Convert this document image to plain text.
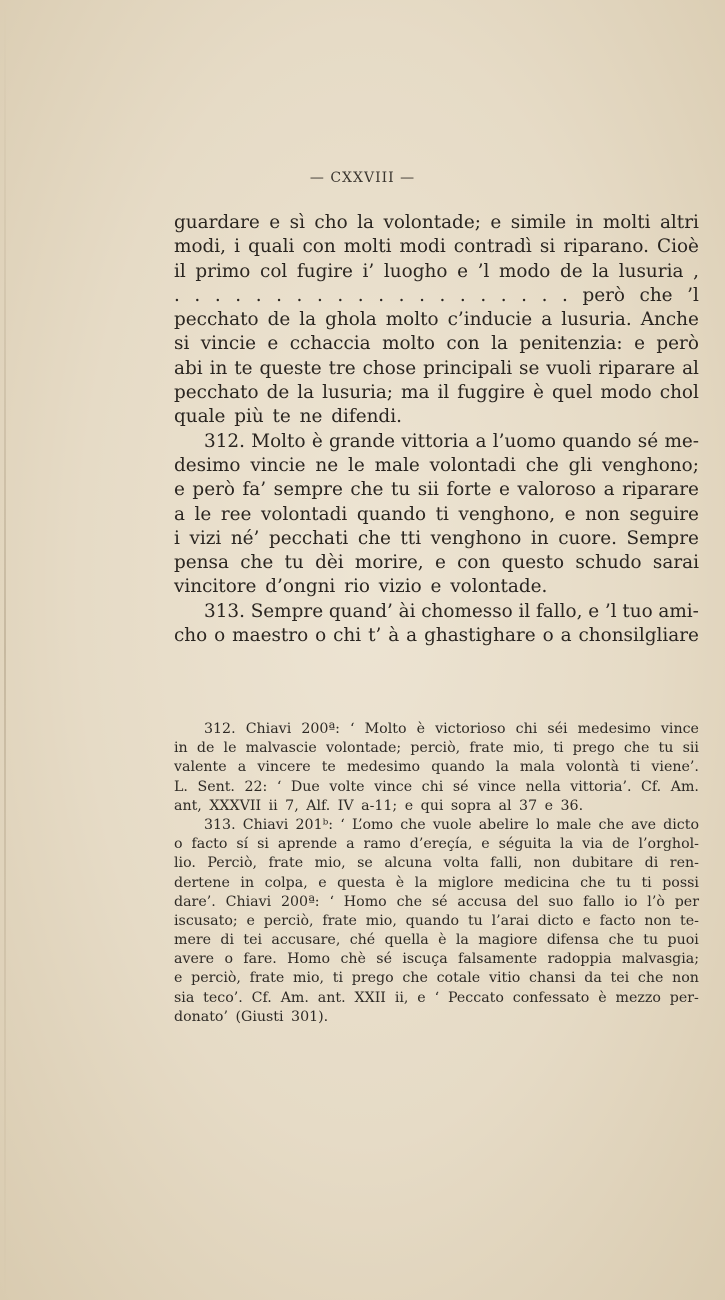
— CXXVIII —
guardare e sì cho la volontade; e simile in molti altri
modi, i quali con molti modi contradì si riparano. Cioè
il primo col fugire i’ luogho e ’l modo de la lusuria ,
. . . . . . . . . . . . . . . . . . . . però che ’l
pecchato de la ghola molto c’inducie a lusuria. Anche
si vincie e cchaccia molto con la penitenzia: e però
abi in te queste tre chose principali se vuoli riparare al
pecchato de la lusuria; ma il fuggire è quel modo chol
quale più te ne difendi.
312. Molto è grande vittoria a l’uomo quando sé me-
desimo vincie ne le male volontadi che gli venghono;
e però fa’ sempre che tu sii forte e valoroso a riparare
a le ree volontadi quando ti venghono, e non seguire
i vizi né’ pecchati che tti venghono in cuore. Sempre
pensa che tu dèi morire, e con questo schudo sarai
vincitore d’ongni rio vizio e volontade.
313. Sempre quand’ ài chomesso il fallo, e ’l tuo ami-
cho o maestro o chi t’ à a ghastighare o a chonsilgliare
312. Chiavi 200ª: ‘ Molto è victorioso chi séi medesimo vince
in de le malvascie volontade; perciò, frate mio, ti prego che tu sii
valente a vincere te medesimo quando la mala volontà ti viene’.
L. Sent. 22: ‘ Due volte vince chi sé vince nella vittoria’. Cf. Am.
ant, XXXVII ii 7, Alf. IV a-11; e qui sopra al 37 e 36.
313. Chiavi 201ᵇ: ‘ L’omo che vuole abelire lo male che ave dicto
o facto sí si aprende a ramo d’ereçía, e séguita la via de l’orghol-
lio. Perciò, frate mio, se alcuna volta falli, non dubitare di ren-
dertene in colpa, e questa è la miglore medicina che tu ti possi
dare’. Chiavi 200ª: ‘ Homo che sé accusa del suo fallo io l’ò per
iscusato; e perciò, frate mio, quando tu l’arai dicto e facto non te-
mere di tei accusare, ché quella è la magiore difensa che tu puoi
avere o fare. Homo chè sé iscuça falsamente radoppia malvasgia;
e perciò, frate mio, ti prego che cotale vitio chansi da tei che non
sia teco’. Cf. Am. ant. XXII ii, e ‘ Peccato confessato è mezzo per-
donato’ (Giusti 301).
